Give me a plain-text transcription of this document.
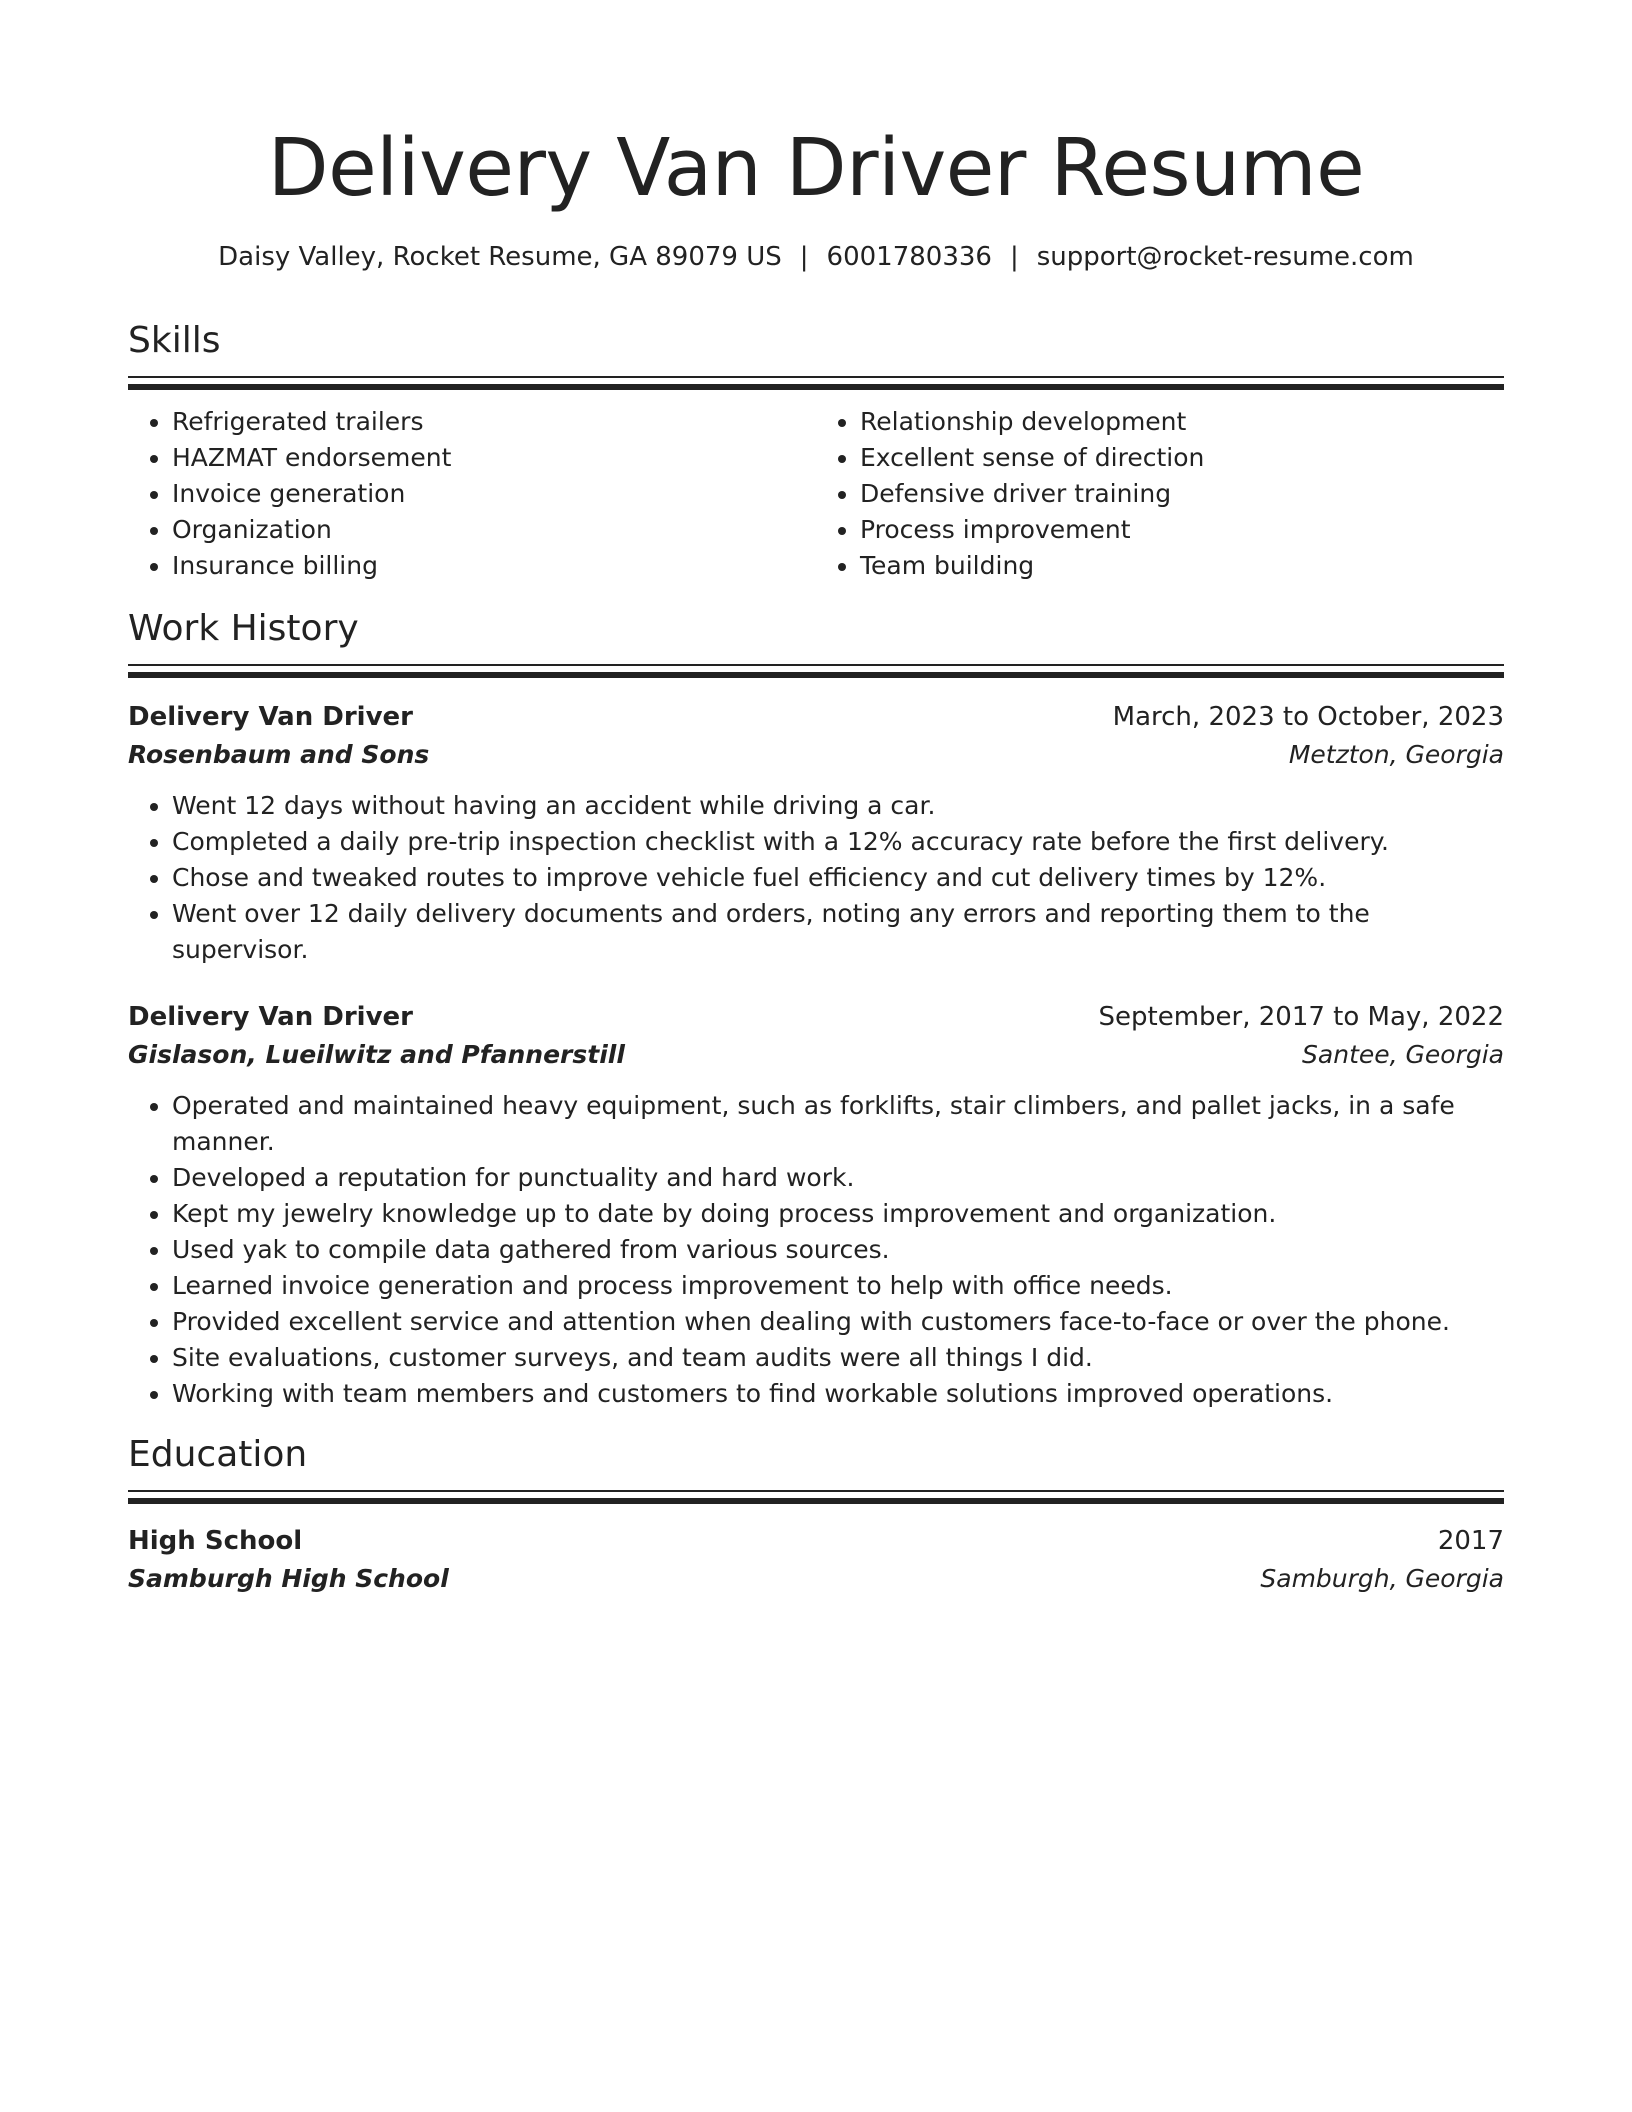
Delivery Van Driver Resume
Daisy Valley, Rocket Resume, GA 89079 US | 6001780336 | support@rocket-resume.com
Skills
• Refrigerated trailers
• HAZMAT endorsement
• Invoice generation
• Organization
• Insurance billing
• Relationship development
• Excellent sense of direction
• Defensive driver training
• Process improvement
• Team building
Work History
Delivery Van Driver	March, 2023 to October, 2023
Rosenbaum and Sons	Metzton, Georgia
• Went 12 days without having an accident while driving a car.
• Completed a daily pre-trip inspection checklist with a 12% accuracy rate before the first delivery.
• Chose and tweaked routes to improve vehicle fuel efficiency and cut delivery times by 12%.
• Went over 12 daily delivery documents and orders, noting any errors and reporting them to the supervisor.
Delivery Van Driver	September, 2017 to May, 2022
Gislason, Lueilwitz and Pfannerstill	Santee, Georgia
• Operated and maintained heavy equipment, such as forklifts, stair climbers, and pallet jacks, in a safe manner.
• Developed a reputation for punctuality and hard work.
• Kept my jewelry knowledge up to date by doing process improvement and organization.
• Used yak to compile data gathered from various sources.
• Learned invoice generation and process improvement to help with office needs.
• Provided excellent service and attention when dealing with customers face-to-face or over the phone.
• Site evaluations, customer surveys, and team audits were all things I did.
• Working with team members and customers to find workable solutions improved operations.
Education
High School	2017
Samburgh High School	Samburgh, Georgia
